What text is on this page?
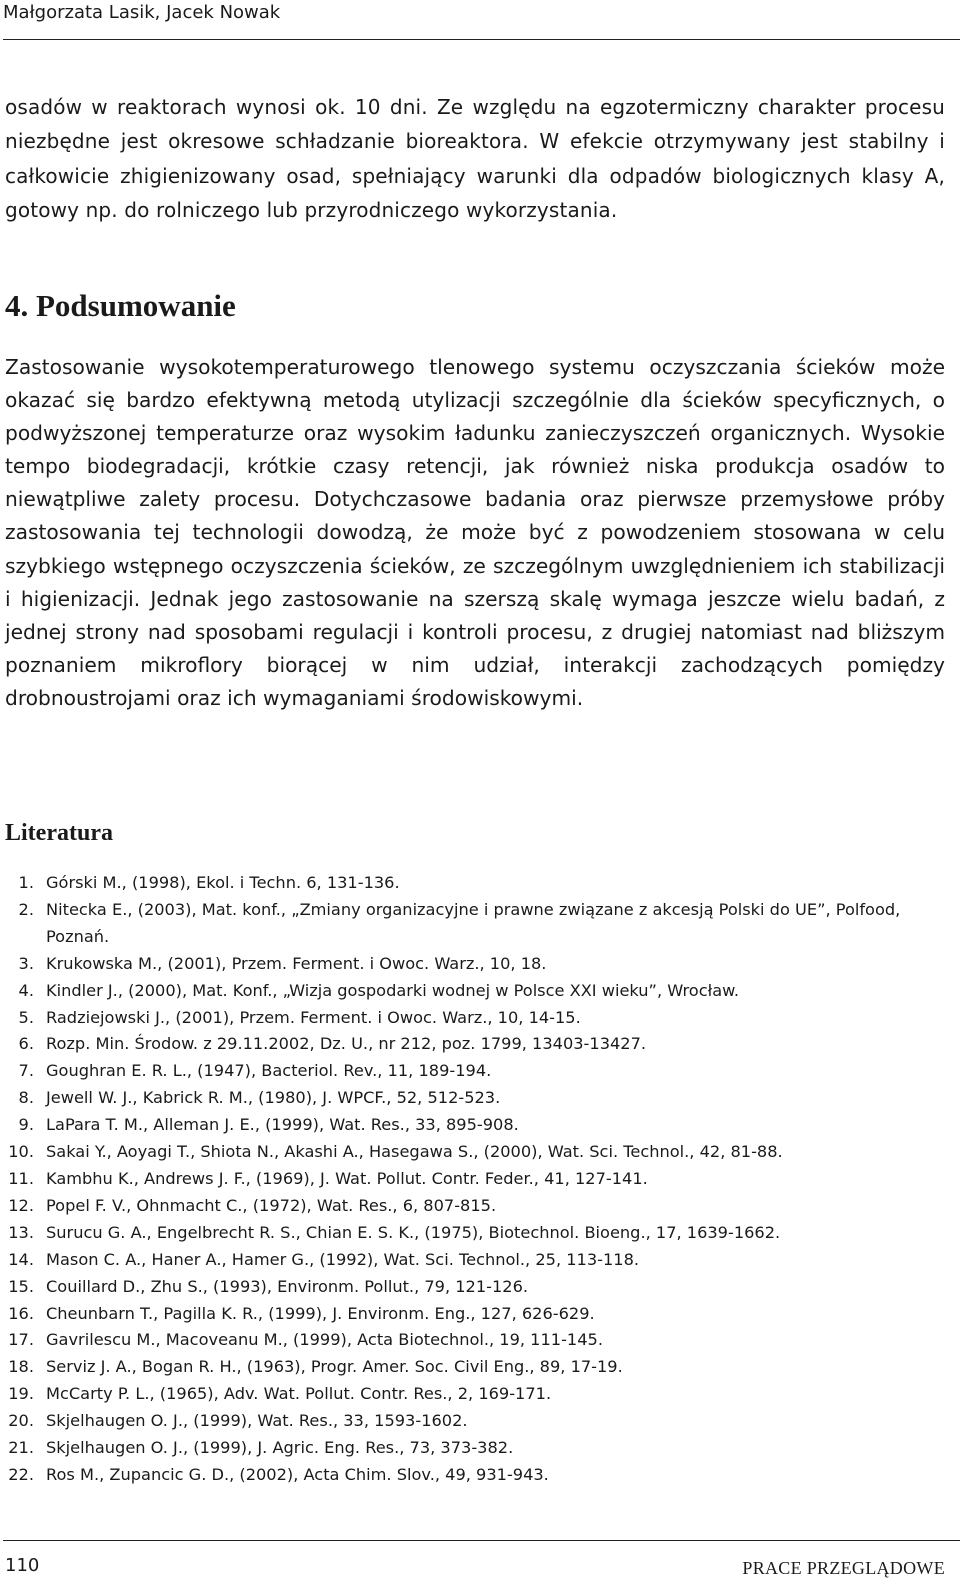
Małgorzata Lasik, Jacek Nowak
osadów w reaktorach wynosi ok. 10 dni. Ze względu na egzotermiczny charakter procesu niezbędne jest okresowe schładzanie bioreaktora. W efekcie otrzymywany jest stabilny i całkowicie zhigienizowany osad, spełniający warunki dla odpadów biologicznych klasy A, gotowy np. do rolniczego lub przyrodniczego wykorzystania.
4. Podsumowanie
Zastosowanie wysokotemperaturowego tlenowego systemu oczyszczania ścieków może okazać się bardzo efektywną metodą utylizacji szczególnie dla ścieków specyficznych, o podwyższonej temperaturze oraz wysokim ładunku zanieczyszczeń organicznych. Wysokie tempo biodegradacji, krótkie czasy retencji, jak również niska produkcja osadów to niewątpliwe zalety procesu. Dotychczasowe badania oraz pierwsze przemysłowe próby zastosowania tej technologii dowodzą, że może być z powodzeniem stosowana w celu szybkiego wstępnego oczyszczenia ścieków, ze szczególnym uwzględnieniem ich stabilizacji i higienizacji. Jednak jego zastosowanie na szerszą skalę wymaga jeszcze wielu badań, z jednej strony nad sposobami regulacji i kontroli procesu, z drugiej natomiast nad bliższym poznaniem mikroflory biorącej w nim udział, interakcji zachodzących pomiędzy drobnoustrojami oraz ich wymaganiami środowiskowymi.
Literatura
1. Górski M., (1998), Ekol. i Techn. 6, 131-136.
2. Nitecka E., (2003), Mat. konf., „Zmiany organizacyjne i prawne związane z akcesją Polski do UE”, Polfood, Poznań.
3. Krukowska M., (2001), Przem. Ferment. i Owoc. Warz., 10, 18.
4. Kindler J., (2000), Mat. Konf., „Wizja gospodarki wodnej w Polsce XXI wieku”, Wrocław.
5. Radziejowski J., (2001), Przem. Ferment. i Owoc. Warz., 10, 14-15.
6. Rozp. Min. Środow. z 29.11.2002, Dz. U., nr 212, poz. 1799, 13403-13427.
7. Goughran E. R. L., (1947), Bacteriol. Rev., 11, 189-194.
8. Jewell W. J., Kabrick R. M., (1980), J. WPCF., 52, 512-523.
9. LaPara T. M., Alleman J. E., (1999), Wat. Res., 33, 895-908.
10. Sakai Y., Aoyagi T., Shiota N., Akashi A., Hasegawa S., (2000), Wat. Sci. Technol., 42, 81-88.
11. Kambhu K., Andrews J. F., (1969), J. Wat. Pollut. Contr. Feder., 41, 127-141.
12. Popel F. V., Ohnmacht C., (1972), Wat. Res., 6, 807-815.
13. Surucu G. A., Engelbrecht R. S., Chian E. S. K., (1975), Biotechnol. Bioeng., 17, 1639-1662.
14. Mason C. A., Haner A., Hamer G., (1992), Wat. Sci. Technol., 25, 113-118.
15. Couillard D., Zhu S., (1993), Environm. Pollut., 79, 121-126.
16. Cheunbarn T., Pagilla K. R., (1999), J. Environm. Eng., 127, 626-629.
17. Gavrilescu M., Macoveanu M., (1999), Acta Biotechnol., 19, 111-145.
18. Serviz J. A., Bogan R. H., (1963), Progr. Amer. Soc. Civil Eng., 89, 17-19.
19. McCarty P. L., (1965), Adv. Wat. Pollut. Contr. Res., 2, 169-171.
20. Skjelhaugen O. J., (1999), Wat. Res., 33, 1593-1602.
21. Skjelhaugen O. J., (1999), J. Agric. Eng. Res., 73, 373-382.
22. Ros M., Zupancic G. D., (2002), Acta Chim. Slov., 49, 931-943.
110	PRACE PRZEGLĄDOWE
